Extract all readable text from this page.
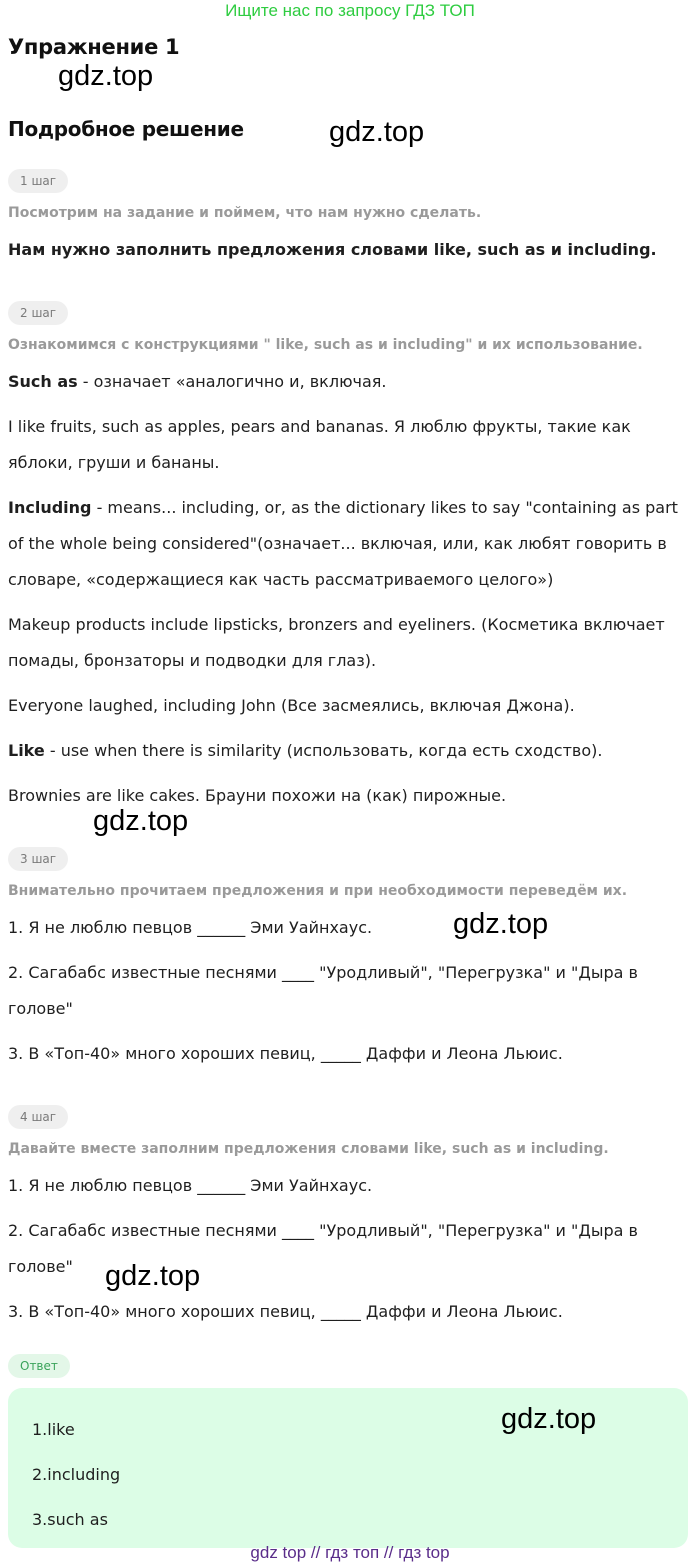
Ищите нас по запросу ГДЗ ТОП
Упражнение 1
gdz.top
Подробное решение	gdz.top
1 шаг
Посмотрим на задание и поймем, что нам нужно сделать.
Нам нужно заполнить предложения словами like, such as и including.
2 шаг
Ознакомимся с конструкциями " like, such as и including" и их использование.
Such as - означает «аналогично и, включая.
I like fruits, such as apples, pears and bananas. Я люблю фрукты, такие как
яблоки, груши и бананы.
Including - means... including, or, as the dictionary likes to say "containing as part
of the whole being considered"(означает... включая, или, как любят говорить в
словаре, «содержащиеся как часть рассматриваемого целого»)
Makeup products include lipsticks, bronzers and eyeliners. (Косметика включает
помады, бронзаторы и подводки для глаз).
Everyone laughed, including John (Все засмеялись, включая Джона).
Like - use when there is similarity (использовать, когда есть сходство).
Brownies are like cakes. Брауни похожи на (как) пирожные.
gdz.top
3 шаг
Внимательно прочитаем предложения и при необходимости переведём их.
1. Я не люблю певцов ______ Эми Уайнхаус.	gdz.top
2. Сагабабс известные песнями ____ "Уродливый", "Перегрузка" и "Дыра в
голове"
3. В «Топ-40» много хороших певиц, _____ Даффи и Леона Льюис.
4 шаг
Давайте вместе заполним предложения словами like, such as и including.
1. Я не люблю певцов ______ Эми Уайнхаус.
2. Сагабабс известные песнями ____ "Уродливый", "Перегрузка" и "Дыра в
голове" gdz.top
3. В «Топ-40» много хороших певиц, _____ Даффи и Леона Льюис.
Ответ
gdz.top
1.like
2.including
3.such as
gdz top // гдз топ // гдз top
